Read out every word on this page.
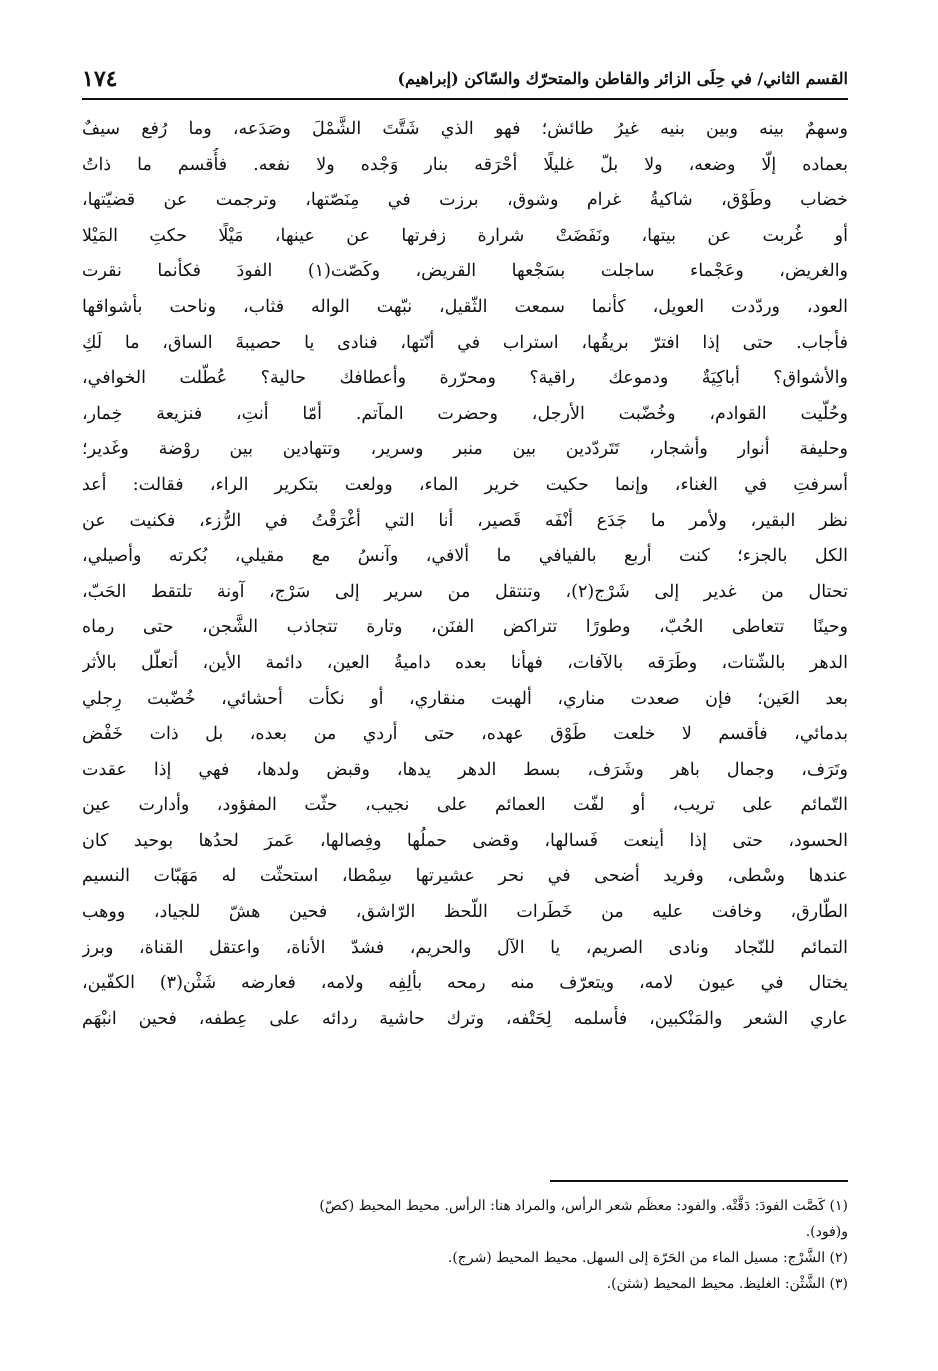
القسم الثاني/ في حِلَى الزائر والقاطن والمتحرّك والسّاكن (إبراهيم)
١٧٤
وسهمٌ بينه وبين بنيه غيرُ طائش؛ فهو الذي شَتَّتَ الشَّمْلَ وصَدَعه، وما رُفع سيفٌ
بعماده إلّا وضعه، ولا بلّ غليلًا أحْرَقه بنار وَجْده ولا نفعه. فأُقسم ما ذاتُ
خضاب وطَوْق، شاكيةُ غرام وشوق، برزت في مِنَصّتها، وترجمت عن قضيّتها،
أو غُربت عن بيتها، ونَفَضَتْ شرارة زفرتها عن عينها، مَيْلًا حكتِ المَيْلا
والغريض، وعَجْماء ساجلت بسَجْعها القريض، وكَصّت(١) الفودَ فكأنما نقرت
العود، وردّدت العويل، كأنما سمعت الثّقيل، نبّهت الواله فثاب، وناحت بأشواقها
فأجاب. حتى إذا افترّ بريقُها، استراب في أنّتها، فنادى يا حصيبةَ الساق، ما لَكِ
والأشواق؟ أباكِيَةٌ ودموعك راقية؟ ومحرّرة وأعطافك حالية؟ عُطّلت الخوافي،
وحُلّيت القوادم، وخُضّبت الأرجل، وحضرت المآتم. أمّا أنتِ، فنزيعة خِمار،
وحليفة أنوار وأشجار، تَتَردّدين بين منبر وسرير، وتتهادين بين روْضة وغَدير؛
أسرفتِ في الغناء، وإنما حكيت خرير الماء، وولعت بتكرير الراء، فقالت: أعد
نظر البقير، ولأمر ما جَدَع أنْفَه قَصير، أنا التي أغْرَقْتُ في الرُّزء، فكنيت عن
الكل بالجزء؛ كنت أربع بالفيافي ما ألافي، وآنسُ مع مقيلي، بُكرته وأصيلي،
تحتال من غدير إلى شَرْج(٢)، وتنتقل من سرير إلى سَرْج، آونة تلتقط الحَبّ،
وحينًا تتعاطى الحُبّ، وطورًا تتراكض الفنَن، وتارة تتجاذب الشَّجن، حتى رماه
الدهر بالشّتات، وطَرَقه بالآفات، فهأنا بعده داميةُ العين، دائمة الأين، أتعلّل بالأثر
بعد العَين؛ فإن صعدت مناري، ألهبت منقاري، أو نكأت أحشائي، خُضّبت رِجلي
بدمائي، فأقسم لا خلعت طَوْق عهده، حتى أردي من بعده، بل ذات خَفْض
وتَرَف، وجمال باهر وشَرَف، بسط الدهر يدها، وقبض ولدها، فهي إذا عقدت
التّمائم على تريب، أو لفّت العمائم على نجيب، حثّت المفؤود، وأدارت عين
الحسود، حتى إذا أينعت فَسالها، وقضى حملُها وفِصالها، عَمرَ لحدُها بوحيد كان
عندها وسْطى، وفريد أضحى في نحر عشيرتها سِمْطا، استحثّت له مَهَبّات النسيم
الطّارق، وخافت عليه من خَطَرات اللّحظ الرّاشق، فحين هشّ للجياد، ووهب
التمائم للنّجاد ونادى الصريم، يا الآل والحريم، فشدّ الأناة، واعتقل القناة، وبرز
يختال في عيون لامه، ويتعرّف منه رمحه بألِفِه ولامه، فعارضه شَثْن(٣) الكفّين،
عاري الشعر والمَنْكبين، فأسلمه لِحَتْفه، وترك حاشية ردائه على عِطفه، فحين انبْهَم
(١) كَصَّت الفودَ: دَقَّتْه. والفود: معظَم شعر الرأس، والمراد هنا: الرأس. محيط المحيط (كصّ)
و(فود).
(٢) الشَّرْج: مسيل الماء من الحَرّة إلى السهل. محيط المحيط (شرج).
(٣) الشَّثْن: الغليظ. محيط المحيط (شثن).
